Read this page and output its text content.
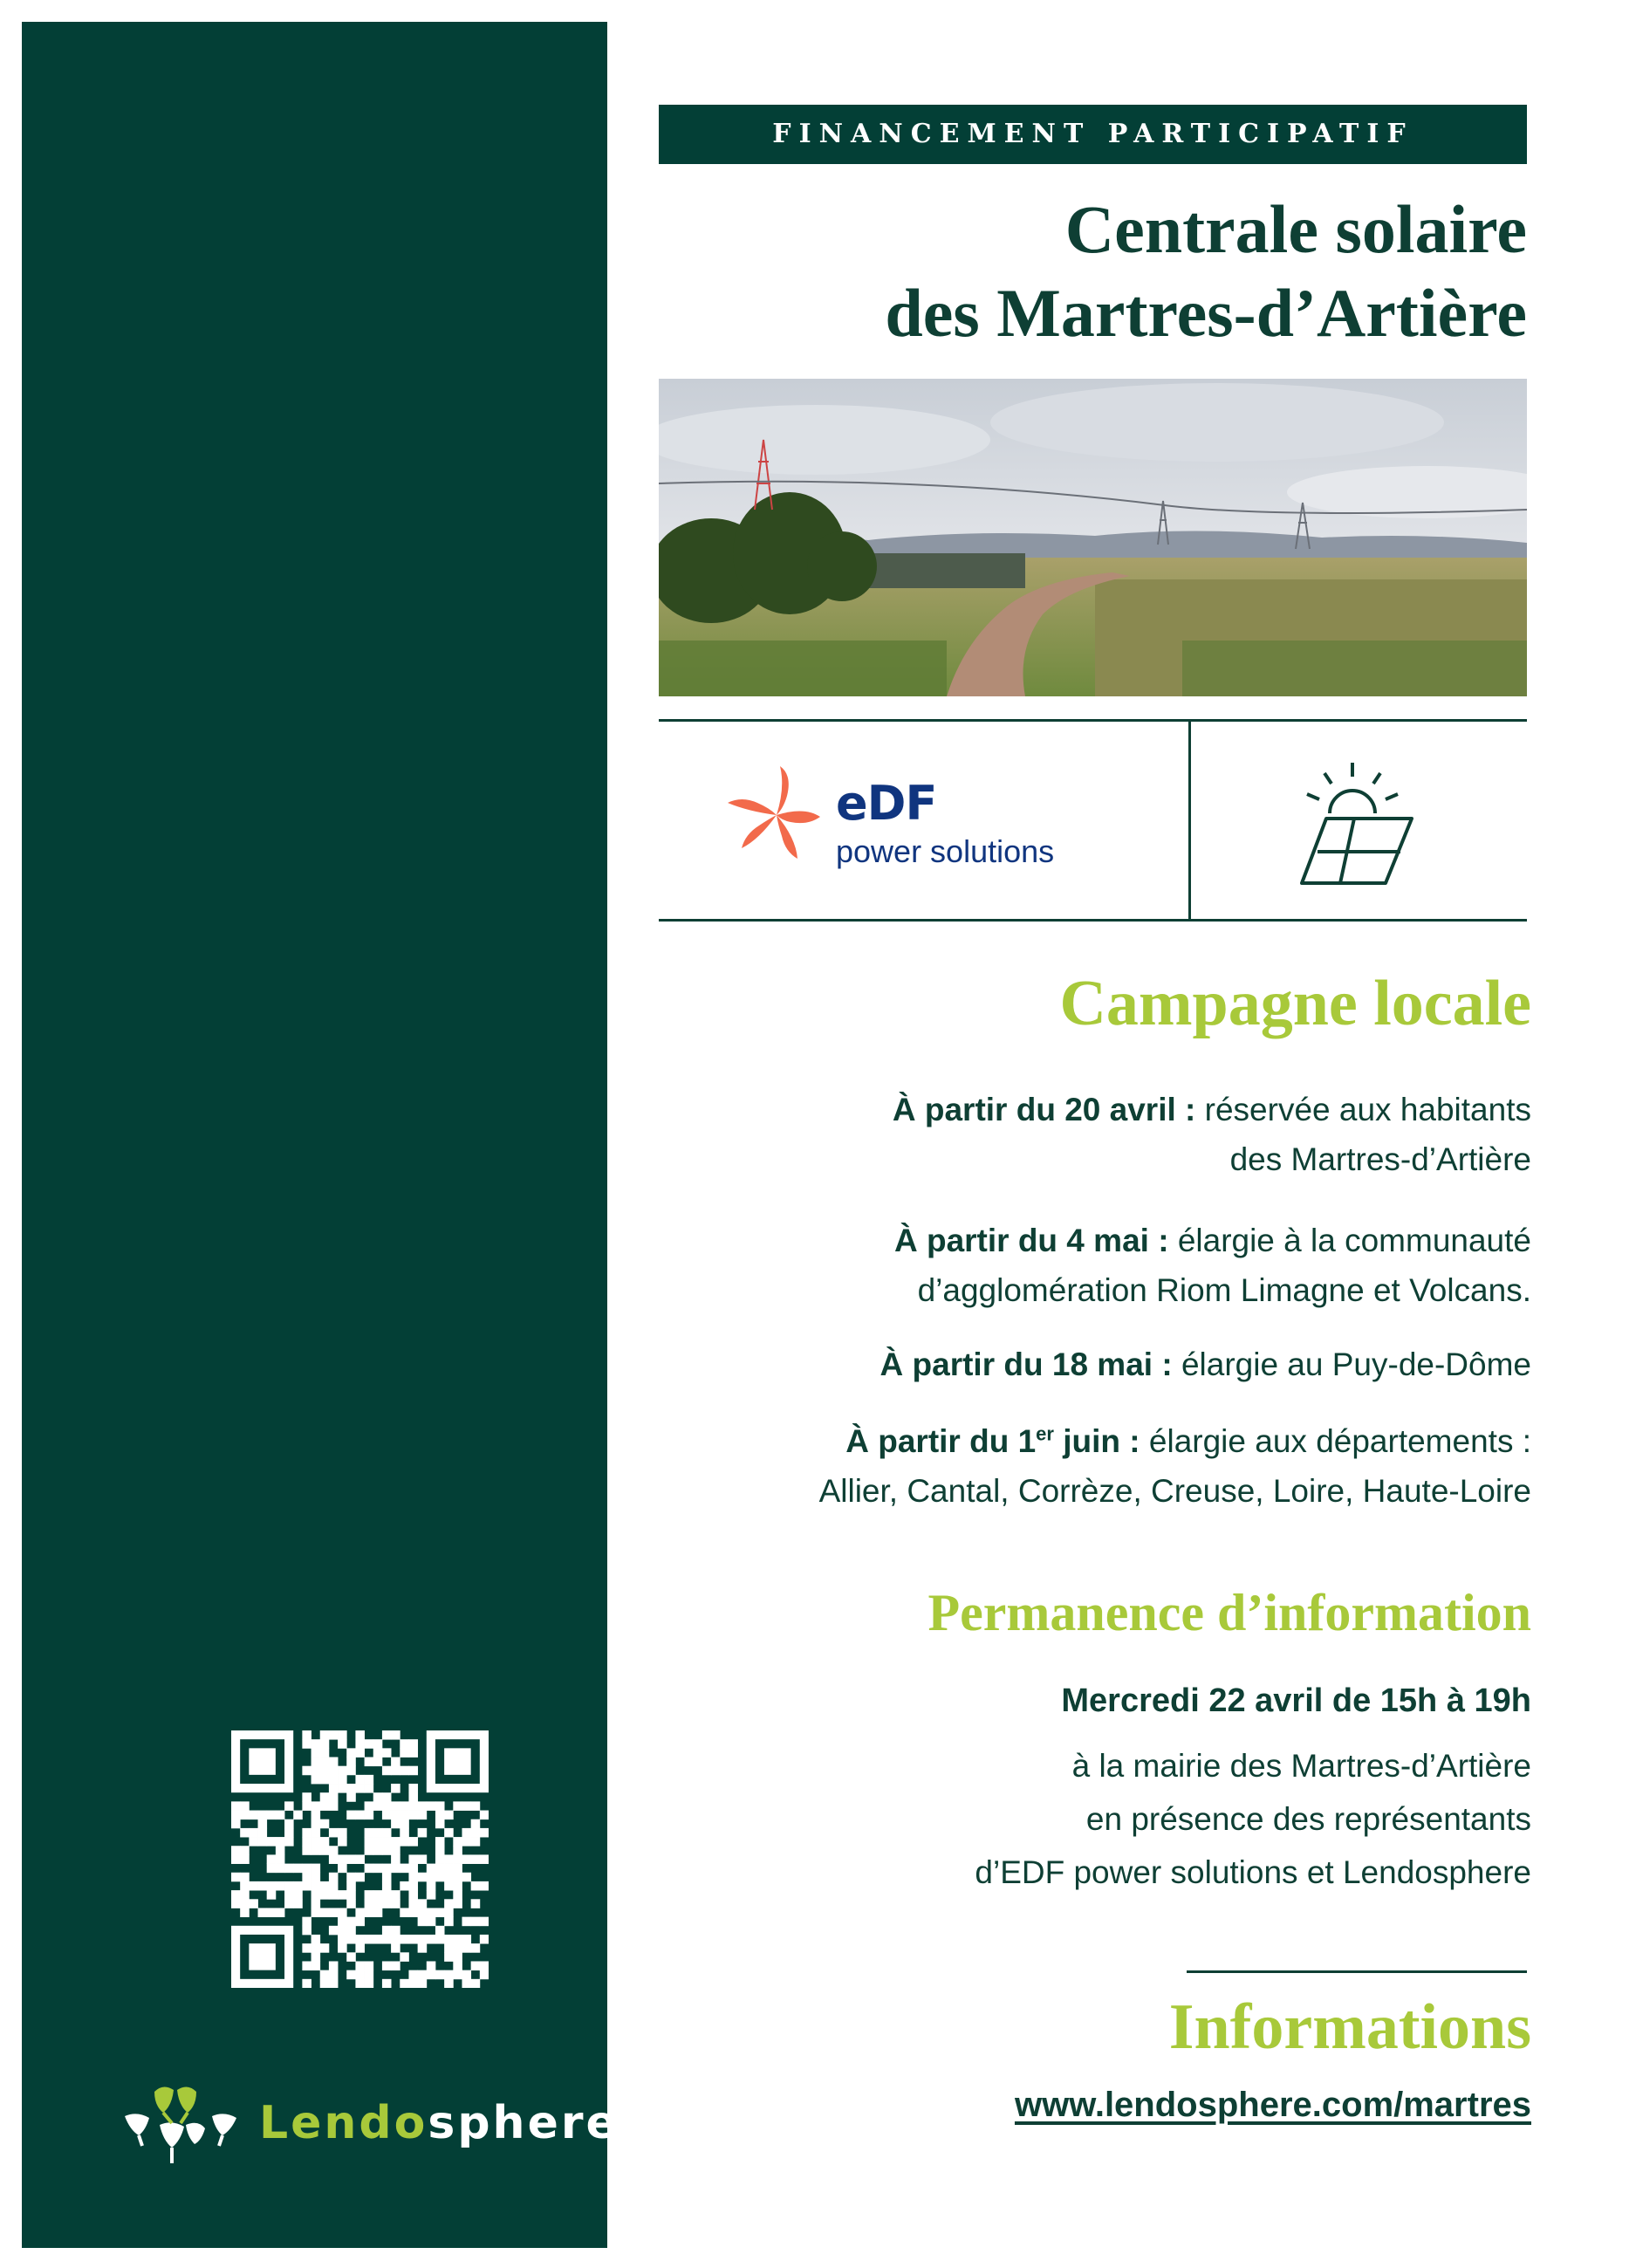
Lendosphere
FINANCEMENT PARTICIPATIF
Centrale solaire
des Martres-d’Artière
eDF
power solutions
Campagne locale
À partir du 20 avril : réservée aux habitants
des Martres-d’Artière
À partir du 4 mai : élargie à la communauté
d’agglomération Riom Limagne et Volcans.
À partir du 18 mai : élargie au Puy-de-Dôme
À partir du 1er juin : élargie aux départements :
Allier, Cantal, Corrèze, Creuse, Loire, Haute-Loire
Permanence d’information
Mercredi 22 avril de 15h à 19h
à la mairie des Martres-d’Artière
en présence des représentants
d’EDF power solutions et Lendosphere
Informations
www.lendosphere.com/martres
